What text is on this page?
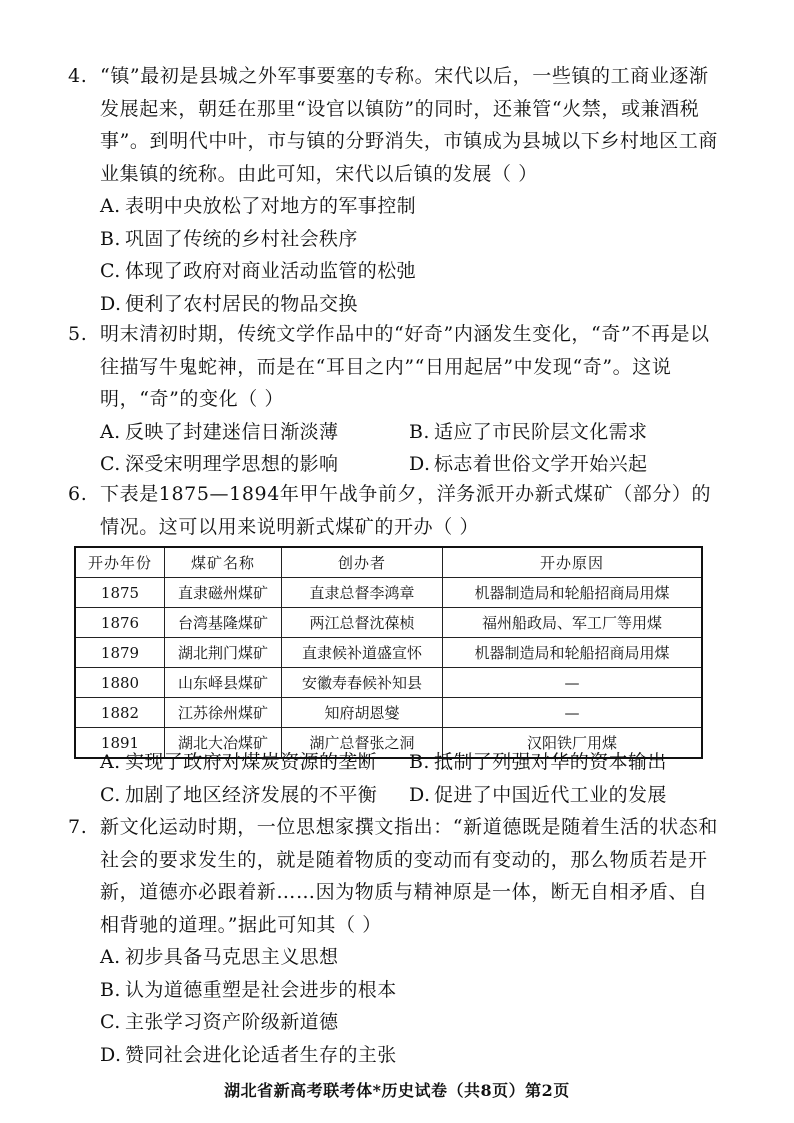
4. “镇”最初是县城之外军事要塞的专称。宋代以后，一些镇的工商业逐渐发展起来，朝廷在那里“设官以镇防”的同时，还兼管“火禁，或兼酒税事”。到明代中叶，市与镇的分野消失，市镇成为县城以下乡村地区工商业集镇的统称。由此可知，宋代以后镇的发展（ ）
A. 表明中央放松了对地方的军事控制
B. 巩固了传统的乡村社会秩序
C. 体现了政府对商业活动监管的松弛
D. 便利了农村居民的物品交换
5. 明末清初时期，传统文学作品中的“好奇”内涵发生变化，“奇”不再是以往描写牛鬼蛇神，而是在“耳目之内”“日用起居”中发现“奇”。这说明，“奇”的变化（ ）
A. 反映了封建迷信日渐淡薄	B. 适应了市民阶层文化需求
C. 深受宋明理学思想的影响	D. 标志着世俗文学开始兴起
6. 下表是1875—1894年甲午战争前夕，洋务派开办新式煤矿（部分）的情况。这可以用来说明新式煤矿的开办（ ）
开办年份	煤矿名称	创办者	开办原因
1875	直隶磁州煤矿	直隶总督李鸿章	机器制造局和轮船招商局用煤
1876	台湾基隆煤矿	两江总督沈葆桢	福州船政局、军工厂等用煤
1879	湖北荆门煤矿	直隶候补道盛宣怀	机器制造局和轮船招商局用煤
1880	山东峄县煤矿	安徽寿春候补知县	—
1882	江苏徐州煤矿	知府胡恩燮	—
1891	湖北大冶煤矿	湖广总督张之洞	汉阳铁厂用煤
A. 实现了政府对煤炭资源的垄断	B. 抵制了列强对华的资本输出
C. 加剧了地区经济发展的不平衡	D. 促进了中国近代工业的发展
7. 新文化运动时期，一位思想家撰文指出：“新道德既是随着生活的状态和社会的要求发生的，就是随着物质的变动而有变动的，那么物质若是开新，道德亦必跟着新……因为物质与精神原是一体，断无自相矛盾、自相背驰的道理。”据此可知其（ ）
A. 初步具备马克思主义思想
B. 认为道德重塑是社会进步的根本
C. 主张学习资产阶级新道德
D. 赞同社会进化论适者生存的主张
湖北省新高考联考体*历史试卷（共8页）第2页
